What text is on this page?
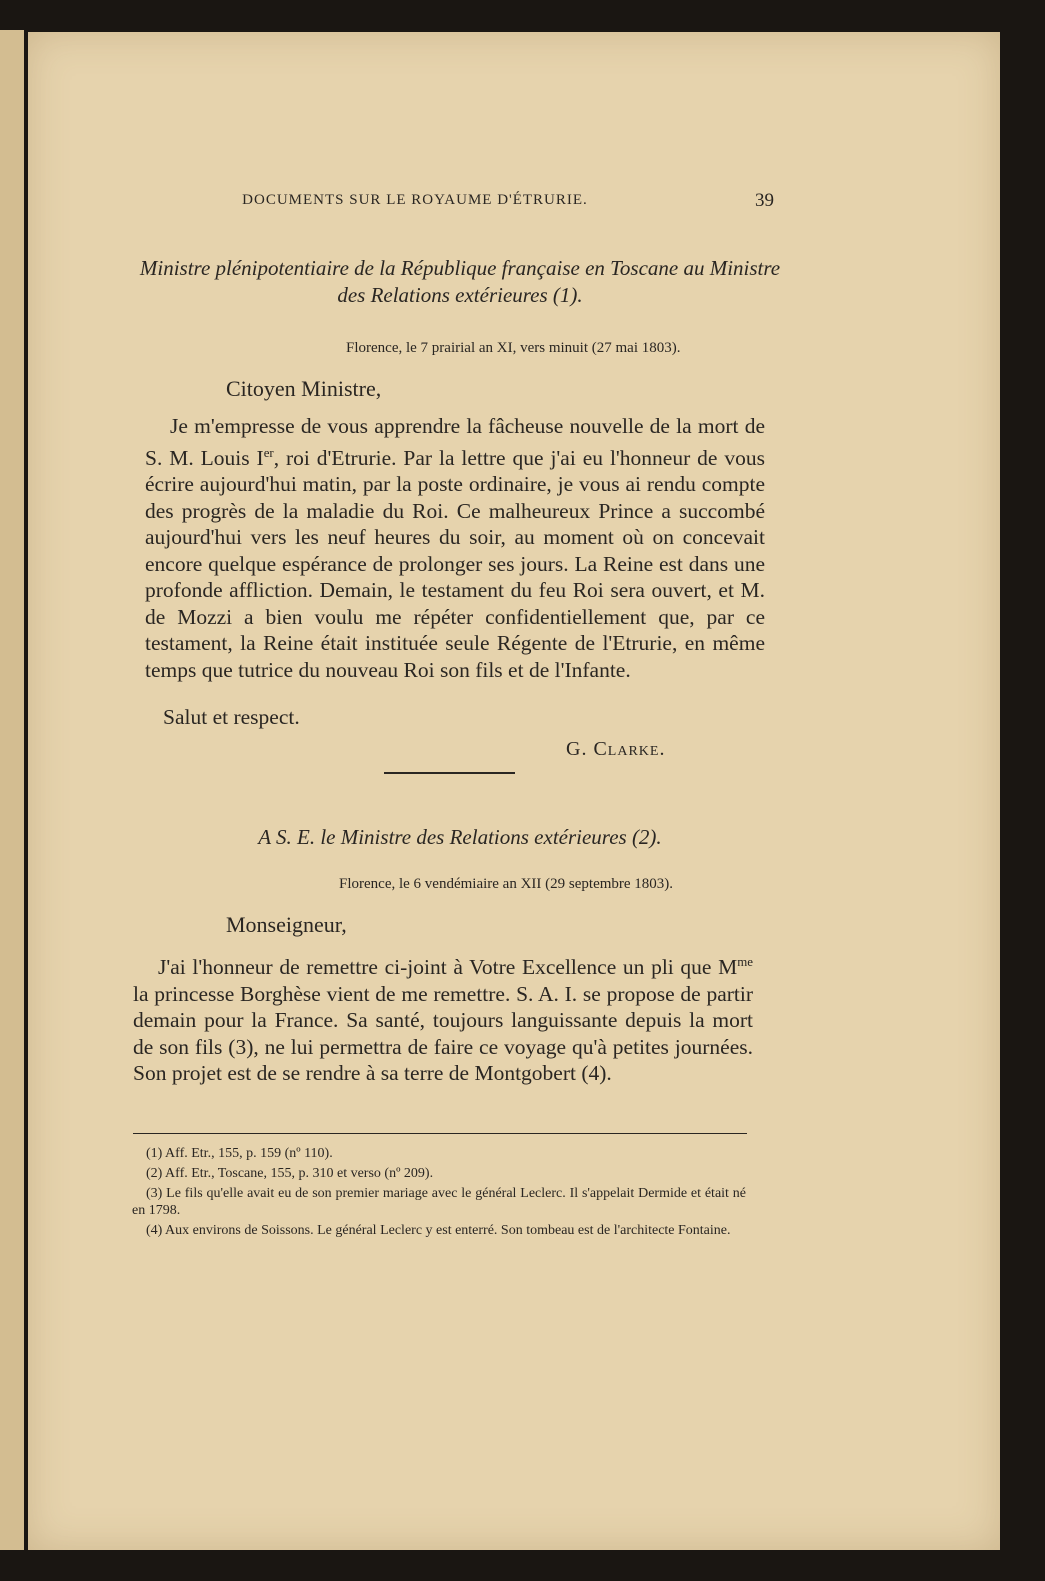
DOCUMENTS SUR LE ROYAUME D'ÉTRURIE.	39
Ministre plénipotentiaire de la République française en Toscane au Ministre des Relations extérieures (1).
Florence, le 7 prairial an XI, vers minuit (27 mai 1803).
Citoyen Ministre,

Je m'empresse de vous apprendre la fâcheuse nouvelle de la mort de S. M. Louis Ier, roi d'Etrurie. Par la lettre que j'ai eu l'honneur de vous écrire aujourd'hui matin, par la poste ordinaire, je vous ai rendu compte des progrès de la maladie du Roi. Ce malheureux Prince a succombé aujourd'hui vers les neuf heures du soir, au moment où on concevait encore quelque espérance de prolonger ses jours. La Reine est dans une profonde affliction. Demain, le testament du feu Roi sera ouvert, et M. de Mozzi a bien voulu me répéter confidentiellement que, par ce testament, la Reine était instituée seule Régente de l'Etrurie, en même temps que tutrice du nouveau Roi son fils et de l'Infante.

Salut et respect.
G. Clarke.
A S. E. le Ministre des Relations extérieures (2).
Florence, le 6 vendémiaire an XII (29 septembre 1803).
Monseigneur,

J'ai l'honneur de remettre ci-joint à Votre Excellence un pli que $M^{me}$ la princesse Borghèse vient de me remettre. S. A. I. se propose de partir demain pour la France. Sa santé, toujours languissante depuis la mort de son fils (3), ne lui permettra de faire ce voyage qu'à petites journées. Son projet est de se rendre à sa terre de Montgobert (4).

(1) Aff. Etr., 155, p. 159 (nº 110).

(2) Aff. Etr., Toscane, 155, p. 310 et verso (nº 209).

(3) Le fils qu'elle avait eu de son premier mariage avec le général Leclerc. Il s'appelait Dermide et était né en 1798.

(4) Aux environs de Soissons. Le général Leclerc y est enterré. Son tombeau est de l'architecte Fontaine.
